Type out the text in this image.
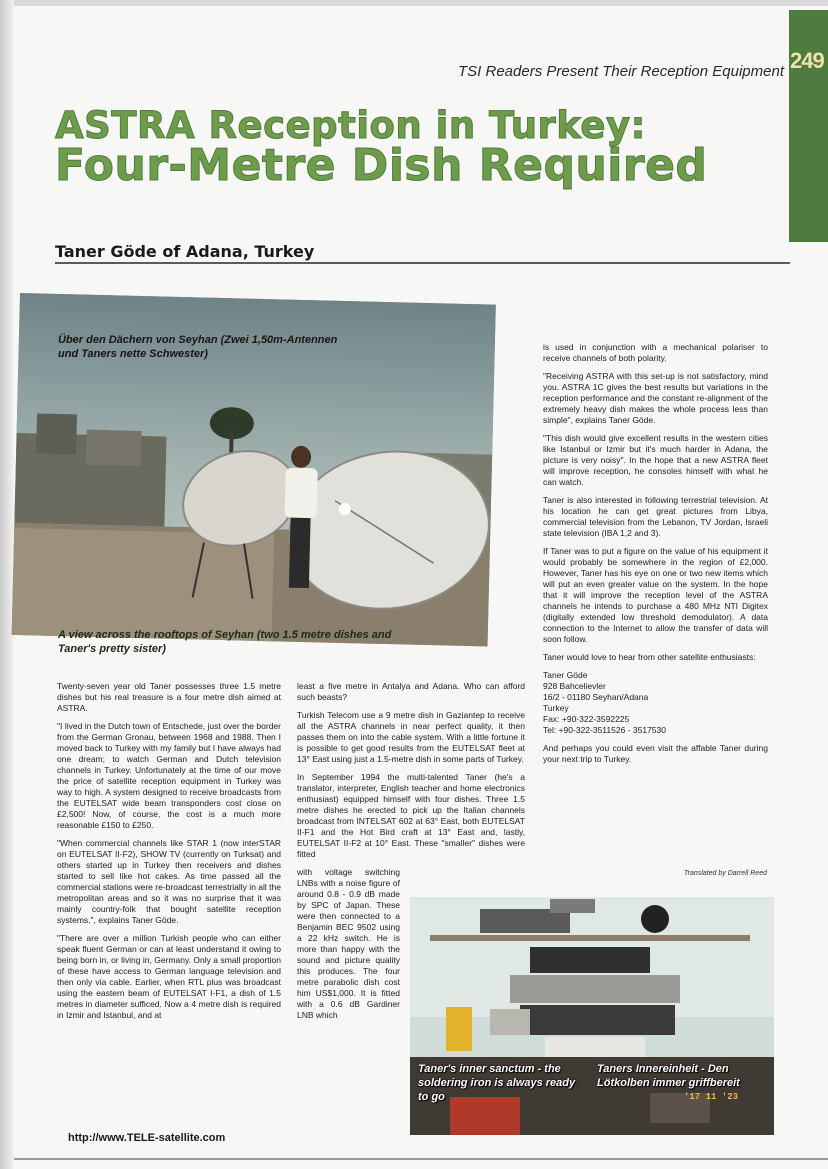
249
TSI Readers Present Their Reception Equipment
ASTRA Reception in Turkey:
Four-Metre Dish Required
Taner Göde of Adana, Turkey
Über den Dächern von Seyhan (Zwei 1,50m-Antennen und Taners nette Schwester)
A view across the rooftops of Seyhan (two 1.5 metre dishes and Taner's pretty sister)

Twenty-seven year old Taner possesses three 1.5 metre dishes but his real treasure is a four metre dish aimed at ASTRA.

"I lived in the Dutch town of Entschede, just over the border from the German Gronau, between 1968 and 1988. Then I moved back to Turkey with my family but I have always had one dream; to watch German and Dutch television channels in Turkey. Unfortunately at the time of our move the price of satellite reception equipment in Turkey was way to high. A system designed to receive broadcasts from the EUTELSAT wide beam transponders cost close on £2,500! Now, of course, the cost is a much more reasonable £150 to £250.

"When commercial channels like STAR 1 (now interSTAR on EUTELSAT II-F2), SHOW TV (currently on Turksat) and others started up in Turkey then receivers and dishes started to sell like hot cakes. As time passed all the commercial stations were re-broadcast terrestrially in all the metropolitan areas and so it was no surprise that it was mainly country-folk that bought satellite reception systems.", explains Taner Göde.

"There are over a million Turkish people who can either speak fluent German or can at least understand it owing to being born in, or living in, Germany. Only a small proportion of these have access to German language television and then only via cable. Earlier, when RTL plus was broadcast using the eastern beam of EUTELSAT I-F1, a dish of 1.5 metres in diameter sufficed. Now a 4 metre dish is required in Izmir and Istanbul, and at

least a five metre in Antalya and Adana. Who can afford such beasts?

Turkish Telecom use a 9 metre dish in Gaziantep to receive all the ASTRA channels in near perfect quality, it then passes them on into the cable system. With a little fortune it is possible to get good results from the EUTELSAT fleet at 13° East using just a 1.5-metre dish in some parts of Turkey.

In September 1994 the multi-talented Taner (he's a translator, interpreter, English teacher and home electronics enthusiast) equipped himself with four dishes. Three 1.5 metre dishes he erected to pick up the Italian channels broadcast from INTELSAT 602 at 63° East, both EUTELSAT II-F1 and the Hot Bird craft at 13° East and, lastly, EUTELSAT II-F2 at 10° East. These "smaller" dishes were fitted

with voltage switching LNBs with a noise figure of around 0.8 - 0.9 dB made by SPC of Japan. These were then connected to a Benjamin BEC 9502 using a 22 kHz switch. He is more than happy with the sound and picture quality this produces. The four metre parabolic dish cost him US$1,000. It is fitted with a 0.6 dB Gardiner LNB which

is used in conjunction with a mechanical polariser to receive channels of both polarity.

"Receiving ASTRA with this set-up is not satisfactory, mind you. ASTRA 1C gives the best results but variations in the reception performance and the constant re-alignment of the extremely heavy dish makes the whole process less than simple", explains Taner Göde.

"This dish would give excellent results in the western cities like Istanbul or Izmir but it's much harder in Adana, the picture is very noisy". In the hope that a new ASTRA fleet will improve reception, he consoles himself with what he can watch.

Taner is also interested in following terrestrial television. At his location he can get great pictures from Libya, commercial television from the Lebanon, TV Jordan, Israeli state television (IBA 1,2 and 3).

If Taner was to put a figure on the value of his equipment it would probably be somewhere in the region of £2,000. However, Taner has his eye on one or two new items which will put an even greater value on the system. In the hope that it will improve the reception level of the ASTRA channels he intends to purchase a 480 MHz NTI Digitex (digitally extended low threshold demodulator). A data connection to the Internet to allow the transfer of data will soon follow.

Taner would love to hear from other satellite enthusiasts:

Taner Göde

928 Bahcelievler

16/2 - 01180 Seyhan/Adana

Turkey

Fax: +90-322-3592225

Tel: +90-322-3511526 - 3517530

And perhaps you could even visit the affable Taner during your next trip to Turkey.

Translated by Darrell Reed
Taner's inner sanctum - the soldering iron is always ready to go
Taners Innereinheit - Den Lötkolben immer griffbereit
'17 11 '23
http://www.TELE-satellite.com
